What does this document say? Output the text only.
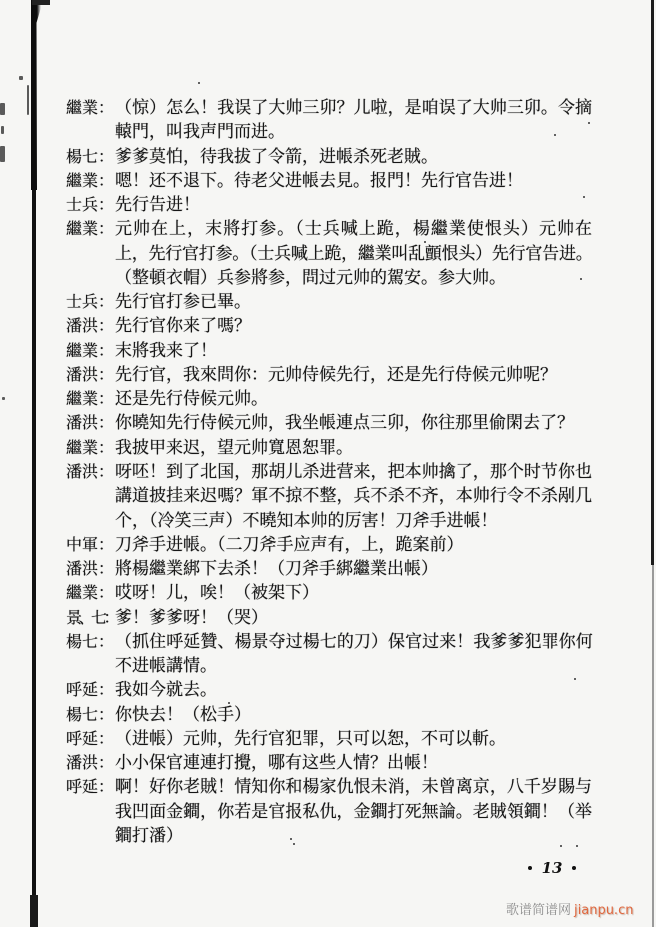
繼業： （惊）怎么！我误了大帅三卯？儿啦，是咱误了大帅三卯。令摘
轅門，叫我声門而进。
楊七： 爹爹莫怕，待我拔了令箭，进帳杀死老賊。
繼業： 嗯！还不退下。待老父进帳去見。报門！先行官告进！
士兵： 先行告进！
繼業： 元帅在上，末將打参。（士兵喊上跪，楊繼業使恨头）元帅在
上，先行官打参。（士兵喊上跪，繼業叫乱顫恨头）先行官告进。
（整頓衣帽）兵参將参，問过元帅的駕安。参大帅。
士兵： 先行官打参已畢。
潘洪： 先行官你来了嗎？
繼業： 末將我来了！
潘洪： 先行官，我來問你：元帅侍候先行，还是先行侍候元帅呢？
繼業： 还是先行侍候元帅。
潘洪： 你曉知先行侍候元帅，我坐帳連点三卯，你往那里偷閑去了？
繼業： 我披甲来迟，望元帅寬恩恕罪。
潘洪： 呀呸！到了北国，那胡儿杀进营来，把本帅擒了，那个时节你也
講道披挂来迟嗎？軍不掠不整，兵不杀不齐，本帅行令不杀剐几
个，（冷笑三声）不曉知本帅的厉害！刀斧手进帳！
中軍： 刀斧手进帳。（二刀斧手应声有，上，跪案前）
潘洪： 將楊繼業綁下去杀！（刀斧手綁繼業出帳）
繼業： 哎呀！儿，唉！（被架下）
景、七：
爹！爹爹呀！（哭）
楊七： （抓住呼延贊、楊景夺过楊七的刀）保官过来！我爹爹犯罪你何
不进帳講情。
呼延： 我如今就去。
楊七： 你快去！（松手）
呼延： （进帳）元帅，先行官犯罪，只可以恕，不可以斬。
潘洪： 小小保官連連打攪，哪有这些人情？出帳！
呼延： 啊！好你老賊！情知你和楊家仇恨未消，未曾离京，八千岁賜与
我凹面金鐧，你若是官报私仇，金鐧打死無論。老賊領鐧！（举
鐧打潘）
13
歌谱简谱网 jianpu.cn
